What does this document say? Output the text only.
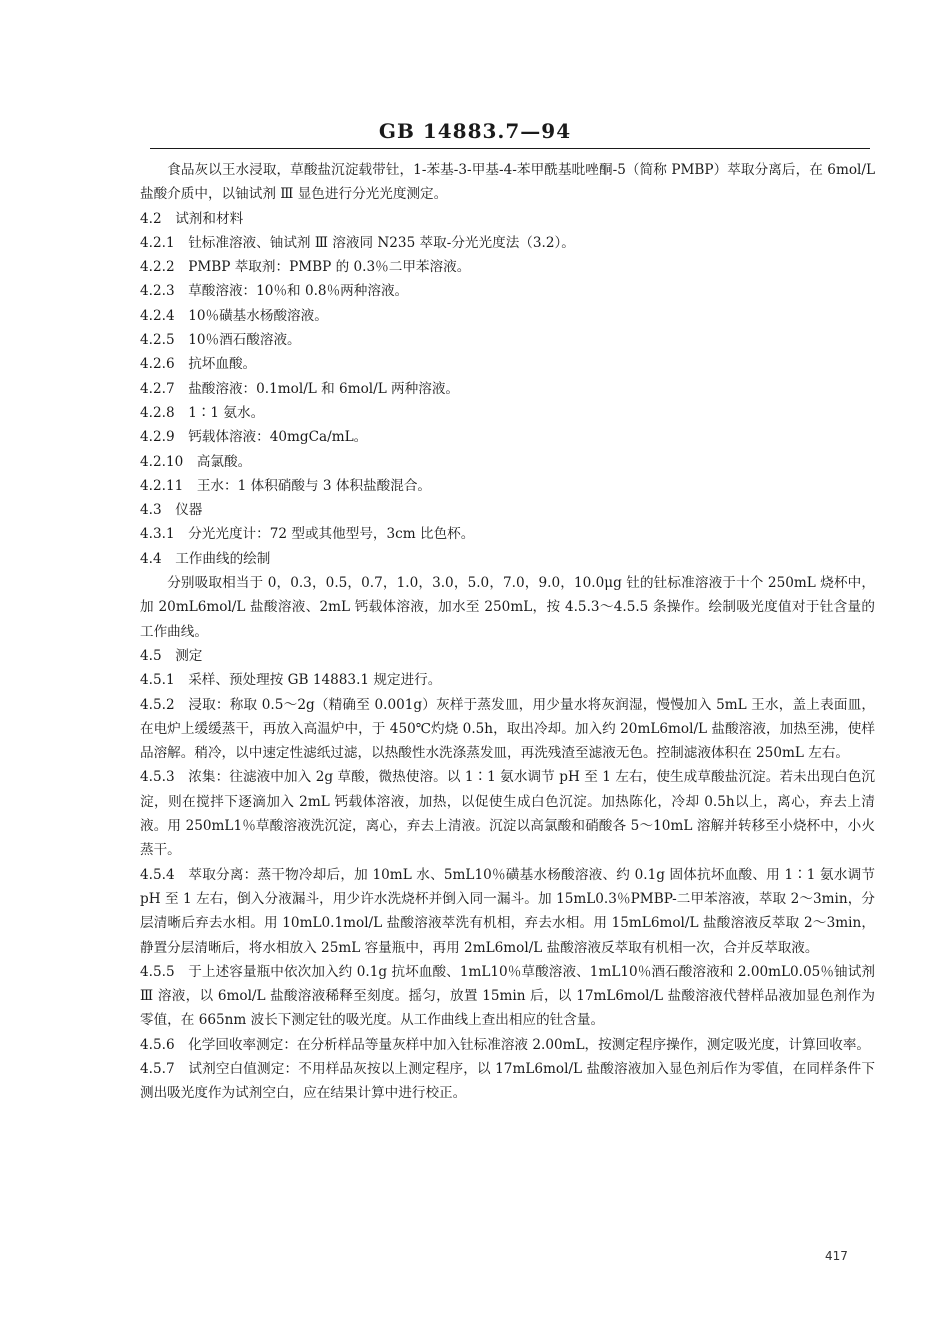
GB 14883.7—94

食品灰以王水浸取，草酸盐沉淀载带钍，1-苯基-3-甲基-4-苯甲酰基吡唑酮-5（简称 PMBP）萃取分离后，在 6mol/L 盐酸介质中，以铀试剂 Ⅲ 显色进行分光光度测定。

4.2 试剂和材料

4.2.1 钍标准溶液、铀试剂 Ⅲ 溶液同 N235 萃取-分光光度法（3.2）。

4.2.2 PMBP 萃取剂：PMBP 的 0.3％二甲苯溶液。

4.2.3 草酸溶液：10％和 0.8％两种溶液。

4.2.4 10％磺基水杨酸溶液。

4.2.5 10％酒石酸溶液。

4.2.6 抗坏血酸。

4.2.7 盐酸溶液：0.1mol/L 和 6mol/L 两种溶液。

4.2.8 1∶1 氨水。

4.2.9 钙载体溶液：40mgCa/mL。

4.2.10 高氯酸。

4.2.11 王水：1 体积硝酸与 3 体积盐酸混合。

4.3 仪器

4.3.1 分光光度计：72 型或其他型号，3cm 比色杯。

4.4 工作曲线的绘制

分别吸取相当于 0，0.3，0.5，0.7，1.0，3.0，5.0，7.0，9.0，10.0μg 钍的钍标准溶液于十个 250mL 烧杯中，加 20mL6mol/L 盐酸溶液、2mL 钙载体溶液，加水至 250mL，按 4.5.3～4.5.5 条操作。绘制吸光度值对于钍含量的工作曲线。

4.5 测定

4.5.1 采样、预处理按 GB 14883.1 规定进行。

4.5.2 浸取：称取 0.5～2g（精确至 0.001g）灰样于蒸发皿，用少量水将灰润湿，慢慢加入 5mL 王水，盖上表面皿，在电炉上缓缓蒸干，再放入高温炉中，于 450℃灼烧 0.5h，取出冷却。加入约 20mL6mol/L 盐酸溶液，加热至沸，使样品溶解。稍冷，以中速定性滤纸过滤，以热酸性水洗涤蒸发皿，再洗残渣至滤液无色。控制滤液体积在 250mL 左右。

4.5.3 浓集：往滤液中加入 2g 草酸，微热使溶。以 1∶1 氨水调节 pH 至 1 左右，使生成草酸盐沉淀。若未出现白色沉淀，则在搅拌下逐滴加入 2mL 钙载体溶液，加热，以促使生成白色沉淀。加热陈化，冷却 0.5h以上，离心，弃去上清液。用 250mL1％草酸溶液洗沉淀，离心，弃去上清液。沉淀以高氯酸和硝酸各 5～10mL 溶解并转移至小烧杯中，小火蒸干。

4.5.4 萃取分离：蒸干物冷却后，加 10mL 水、5mL10％磺基水杨酸溶液、约 0.1g 固体抗坏血酸、用 1∶1 氨水调节 pH 至 1 左右，倒入分液漏斗，用少许水洗烧杯并倒入同一漏斗。加 15mL0.3％PMBP-二甲苯溶液，萃取 2～3min，分层清晰后弃去水相。用 10mL0.1mol/L 盐酸溶液萃洗有机相，弃去水相。用 15mL6mol/L 盐酸溶液反萃取 2～3min，静置分层清晰后，将水相放入 25mL 容量瓶中，再用 2mL6mol/L 盐酸溶液反萃取有机相一次，合并反萃取液。

4.5.5 于上述容量瓶中依次加入约 0.1g 抗坏血酸、1mL10％草酸溶液、1mL10％酒石酸溶液和 2.00mL0.05％铀试剂 Ⅲ 溶液，以 6mol/L 盐酸溶液稀释至刻度。摇匀，放置 15min 后，以 17mL6mol/L 盐酸溶液代替样品液加显色剂作为零值，在 665nm 波长下测定钍的吸光度。从工作曲线上查出相应的钍含量。

4.5.6 化学回收率测定：在分析样品等量灰样中加入钍标准溶液 2.00mL，按测定程序操作，测定吸光度，计算回收率。

4.5.7 试剂空白值测定：不用样品灰按以上测定程序，以 17mL6mol/L 盐酸溶液加入显色剂后作为零值，在同样条件下测出吸光度作为试剂空白，应在结果计算中进行校正。

417
